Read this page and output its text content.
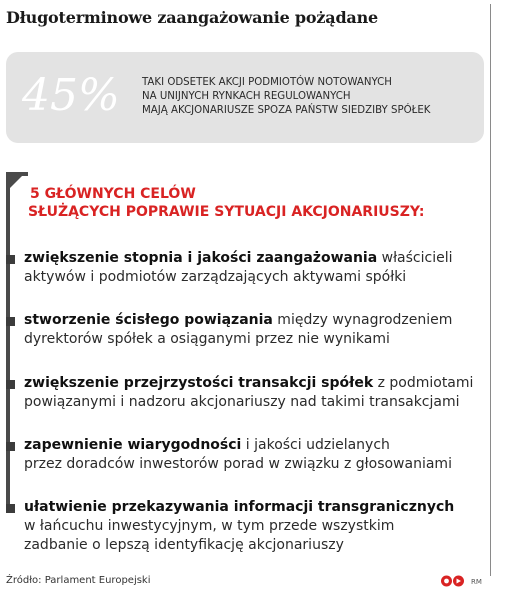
Długoterminowe zaangażowanie pożądane
45% TAKI ODSETEK AKCJI PODMIOTÓW NOTOWANYCH
NA UNIJNYCH RYNKACH REGULOWANYCH
MAJĄ AKCJONARIUSZE SPOZA PAŃSTW SIEDZIBY SPÓŁEK
5 GŁÓWNYCH CELÓW
SŁUŻĄCYCH POPRAWIE SYTUACJI AKCJONARIUSZY:
zwiększenie stopnia i jakości zaangażowania właścicieli
aktywów i podmiotów zarządzających aktywami spółki
stworzenie ścisłego powiązania między wynagrodzeniem
dyrektorów spółek a osiąganymi przez nie wynikami
zwiększenie przejrzystości transakcji spółek z podmiotami
powiązanymi i nadzoru akcjonariuszy nad takimi transakcjami
zapewnienie wiarygodności i jakości udzielanych
przez doradców inwestorów porad w związku z głosowaniami
ułatwienie przekazywania informacji transgranicznych
w łańcuchu inwestycyjnym, w tym przede wszystkim
zadbanie o lepszą identyfikację akcjonariuszy
Źródło: Parlament Europejski	RM
